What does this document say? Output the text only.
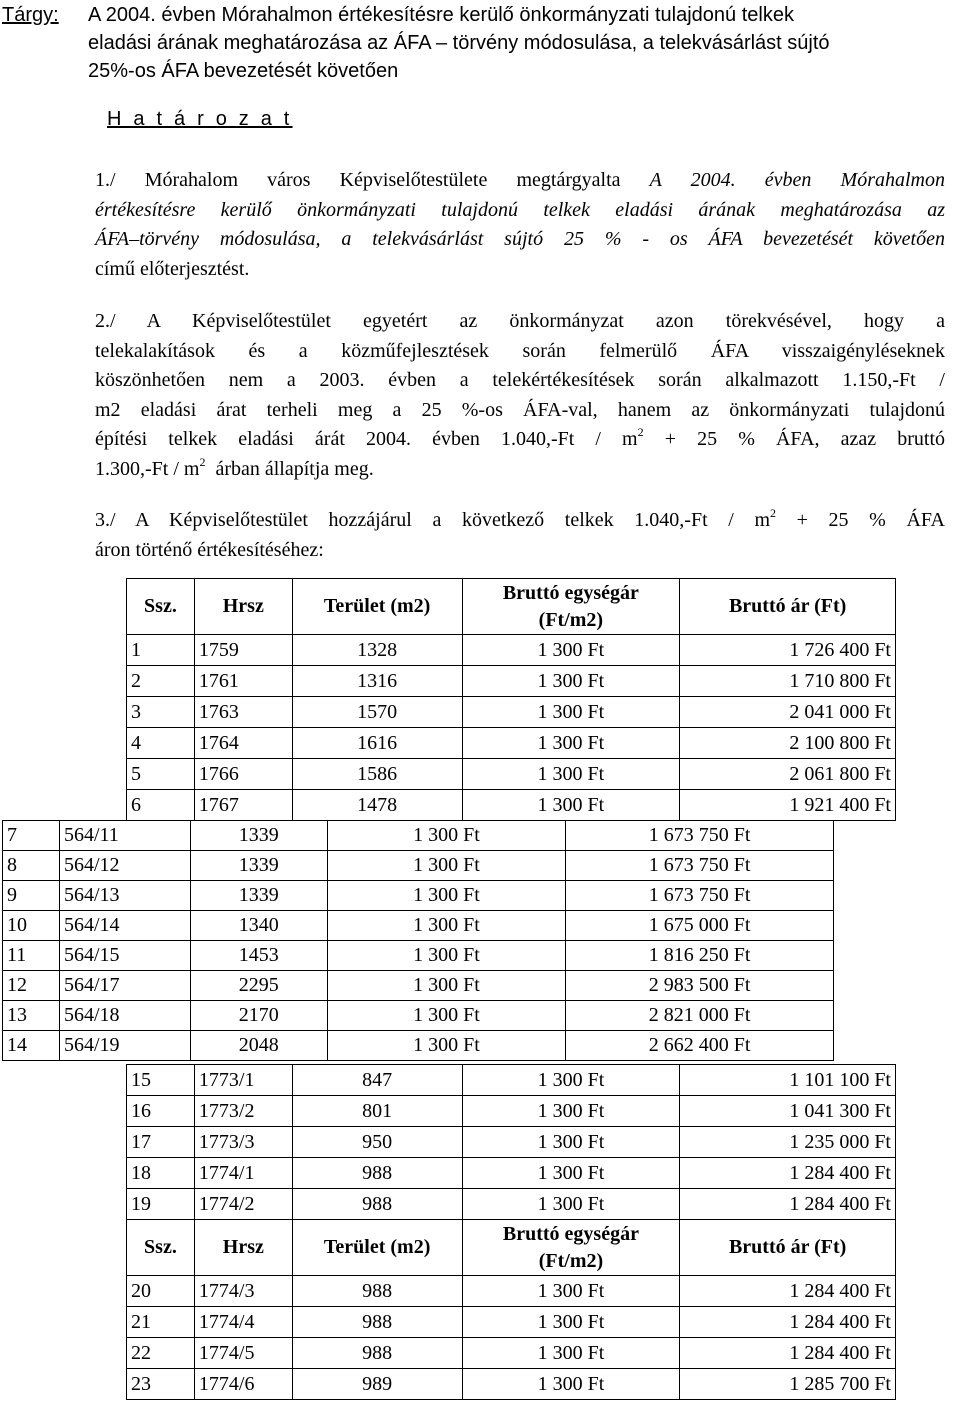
Tárgy: A 2004. évben Mórahalmon értékesítésre kerülő önkormányzati tulajdonú telkek
eladási árának meghatározása az ÁFA – törvény módosulása, a telekvásárlást sújtó
25%-os ÁFA bevezetését követően
H a t á r o z a t
1./ Mórahalom város Képviselőtestülete megtárgyalta A 2004. évben Mórahalmon
értékesítésre kerülő önkormányzati tulajdonú telkek eladási árának meghatározása az
ÁFA–törvény módosulása, a telekvásárlást sújtó 25 % - os ÁFA bevezetését követően
című előterjesztést.
2./ A Képviselőtestület egyetért az önkormányzat azon törekvésével, hogy a
telekalakítások és a közműfejlesztések során felmerülő ÁFA visszaigényléseknek
köszönhetően nem a 2003. évben a telekértékesítések során alkalmazott 1.150,-Ft /
m2 eladási árat terheli meg a 25 %-os ÁFA-val, hanem az önkormányzati tulajdonú
építési telkek eladási árát 2004. évben $1.040,-Ft / m^2 + 25$ % ÁFA, azaz bruttó
$1.300,-Ft / m^2$ árban állapítja meg.
3./ A Képviselőtestület hozzájárul a következő telkek $1.040,-Ft / m^2 + 25$ % ÁFA
áron történő értékesítéséhez:
Ssz.	Hrsz	Terület (m2)	Bruttó egységár
(Ft/m2)	Bruttó ár (Ft)
1	1759	1328	1 300 Ft	1 726 400 Ft
2	1761	1316	1 300 Ft	1 710 800 Ft
3	1763	1570	1 300 Ft	2 041 000 Ft
4	1764	1616	1 300 Ft	2 100 800 Ft
5	1766	1586	1 300 Ft	2 061 800 Ft
6	1767	1478	1 300 Ft	1 921 400 Ft
7	564/11	1339	1 300 Ft	1 673 750 Ft
8	564/12	1339	1 300 Ft	1 673 750 Ft
9	564/13	1339	1 300 Ft	1 673 750 Ft
10	564/14	1340	1 300 Ft	1 675 000 Ft
11	564/15	1453	1 300 Ft	1 816 250 Ft
12	564/17	2295	1 300 Ft	2 983 500 Ft
13	564/18	2170	1 300 Ft	2 821 000 Ft
14	564/19	2048	1 300 Ft	2 662 400 Ft
15	1773/1	847	1 300 Ft	1 101 100 Ft
16	1773/2	801	1 300 Ft	1 041 300 Ft
17	1773/3	950	1 300 Ft	1 235 000 Ft
18	1774/1	988	1 300 Ft	1 284 400 Ft
19	1774/2	988	1 300 Ft	1 284 400 Ft
Ssz.	Hrsz	Terület (m2)	Bruttó egységár
(Ft/m2)	Bruttó ár (Ft)
20	1774/3	988	1 300 Ft	1 284 400 Ft
21	1774/4	988	1 300 Ft	1 284 400 Ft
22	1774/5	988	1 300 Ft	1 284 400 Ft
23	1774/6	989	1 300 Ft	1 285 700 Ft
